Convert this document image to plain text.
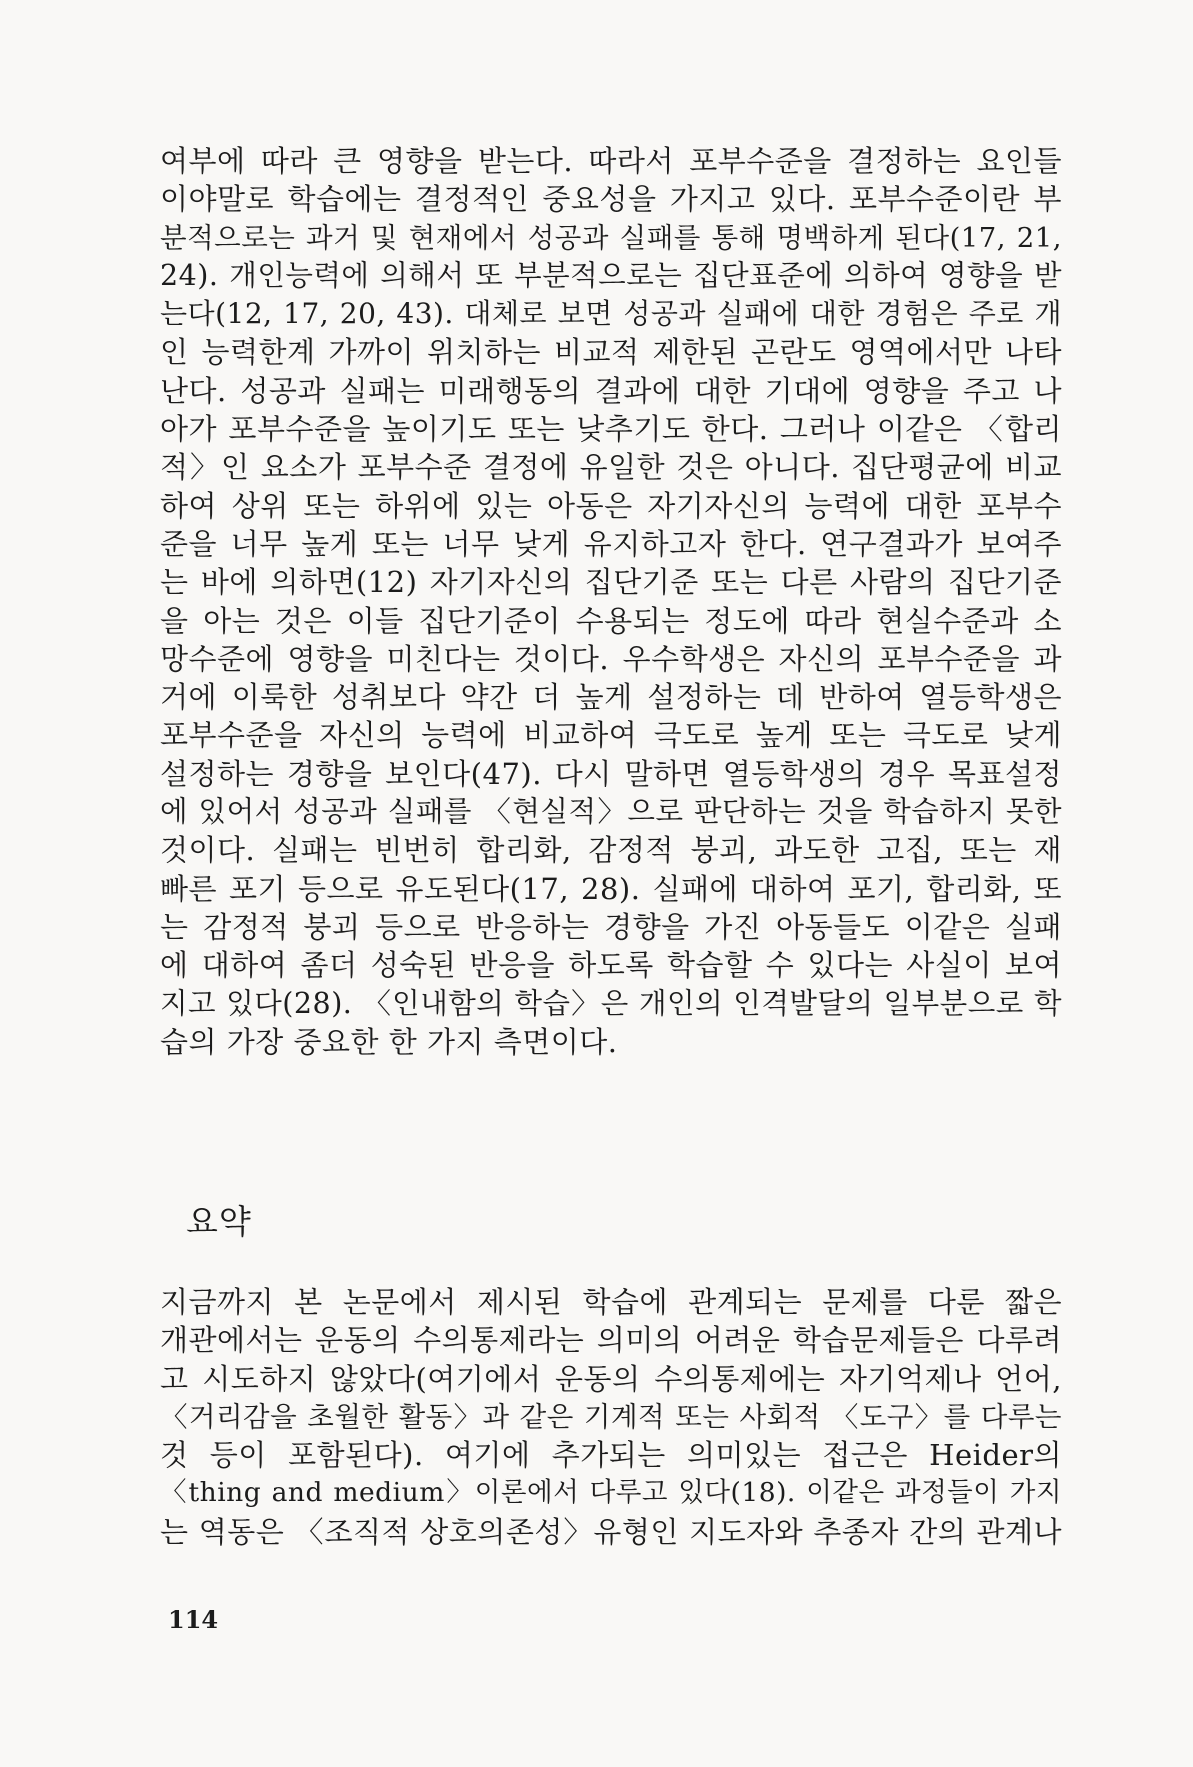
여부에 따라 큰 영향을 받는다. 따라서 포부수준을 결정하는 요인들
이야말로 학습에는 결정적인 중요성을 가지고 있다. 포부수준이란 부
분적으로는 과거 및 현재에서 성공과 실패를 통해 명백하게 된다(17, 21,
24). 개인능력에 의해서 또 부분적으로는 집단표준에 의하여 영향을 받
는다(12, 17, 20, 43). 대체로 보면 성공과 실패에 대한 경험은 주로 개
인 능력한계 가까이 위치하는 비교적 제한된 곤란도 영역에서만 나타
난다. 성공과 실패는 미래행동의 결과에 대한 기대에 영향을 주고 나
아가 포부수준을 높이기도 또는 낮추기도 한다. 그러나 이같은 〈합리
적〉인 요소가 포부수준 결정에 유일한 것은 아니다. 집단평균에 비교
하여 상위 또는 하위에 있는 아동은 자기자신의 능력에 대한 포부수
준을 너무 높게 또는 너무 낮게 유지하고자 한다. 연구결과가 보여주
는 바에 의하면(12) 자기자신의 집단기준 또는 다른 사람의 집단기준
을 아는 것은 이들 집단기준이 수용되는 정도에 따라 현실수준과 소
망수준에 영향을 미친다는 것이다. 우수학생은 자신의 포부수준을 과
거에 이룩한 성취보다 약간 더 높게 설정하는 데 반하여 열등학생은
포부수준을 자신의 능력에 비교하여 극도로 높게 또는 극도로 낮게
설정하는 경향을 보인다(47). 다시 말하면 열등학생의 경우 목표설정
에 있어서 성공과 실패를 〈현실적〉으로 판단하는 것을 학습하지 못한
것이다. 실패는 빈번히 합리화, 감정적 붕괴, 과도한 고집, 또는 재
빠른 포기 등으로 유도된다(17, 28). 실패에 대하여 포기, 합리화, 또
는 감정적 붕괴 등으로 반응하는 경향을 가진 아동들도 이같은 실패
에 대하여 좀더 성숙된 반응을 하도록 학습할 수 있다는 사실이 보여
지고 있다(28). 〈인내함의 학습〉은 개인의 인격발달의 일부분으로 학
습의 가장 중요한 한 가지 측면이다.
요약
지금까지 본 논문에서 제시된 학습에 관계되는 문제를 다룬 짧은
개관에서는 운동의 수의통제라는 의미의 어려운 학습문제들은 다루려
고 시도하지 않았다(여기에서 운동의 수의통제에는 자기억제나 언어,
〈거리감을 초월한 활동〉과 같은 기계적 또는 사회적 〈도구〉를 다루는
것 등이 포함된다). 여기에 추가되는 의미있는 접근은 Heider의
〈thing and medium〉이론에서 다루고 있다(18). 이같은 과정들이 가지
는 역동은 〈조직적 상호의존성〉유형인 지도자와 추종자 간의 관계나
114
